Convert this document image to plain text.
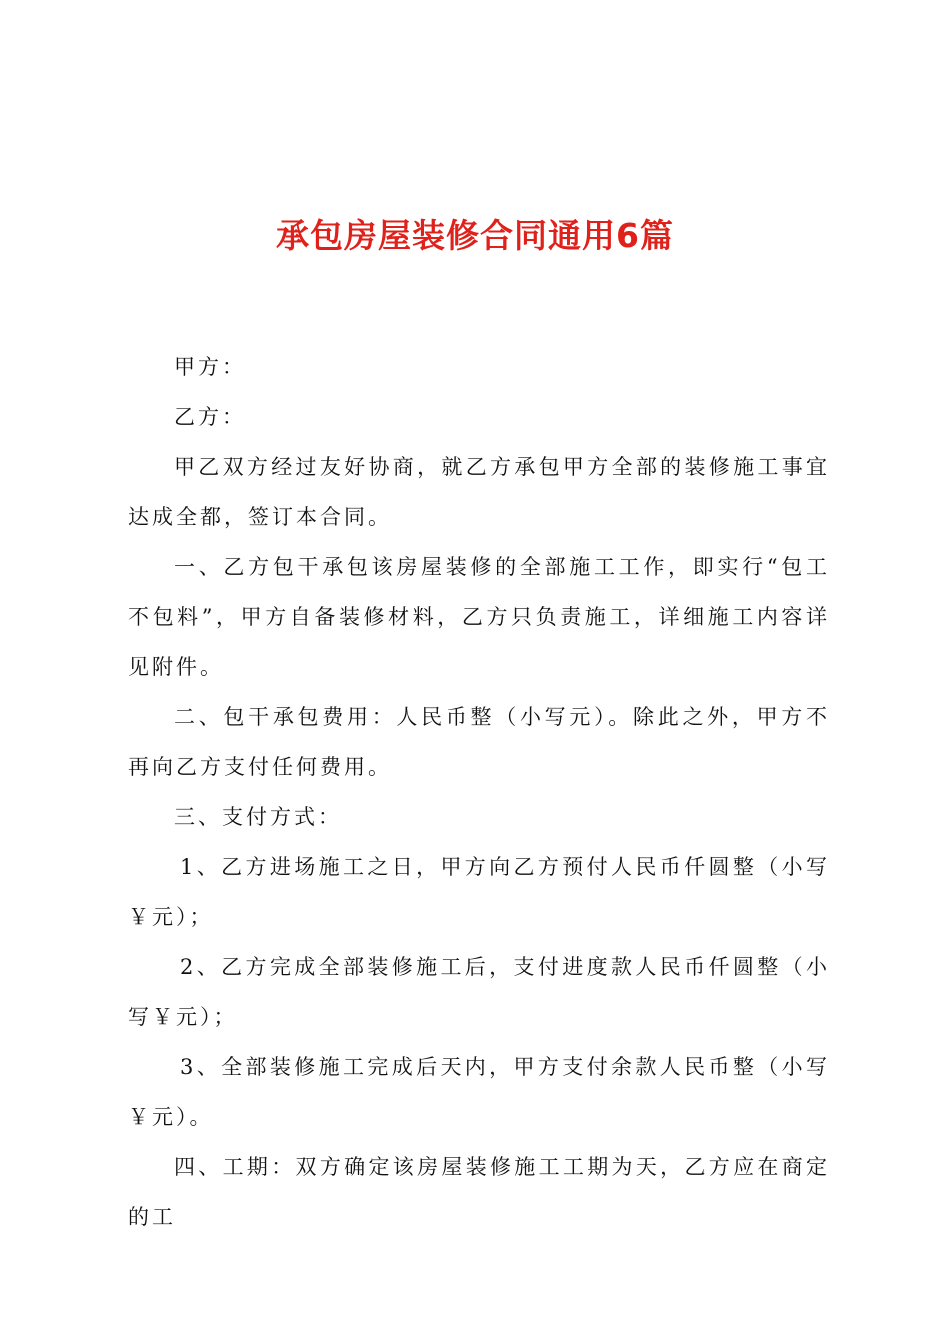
承包房屋装修合同通用6篇

甲方：

乙方：

甲乙双方经过友好协商，就乙方承包甲方全部的装修施工事宜达成全都，签订本合同。

一、乙方包干承包该房屋装修的全部施工工作，即实行“包工不包料”，甲方自备装修材料，乙方只负责施工，详细施工内容详见附件。

二、包干承包费用：人民币整（小写元）。除此之外，甲方不再向乙方支付任何费用。

三、支付方式：

1、乙方进场施工之日，甲方向乙方预付人民币仟圆整（小写￥元）；

2、乙方完成全部装修施工后，支付进度款人民币仟圆整（小写￥元）；

3、全部装修施工完成后天内，甲方支付余款人民币整（小写￥元）。

四、工期：双方确定该房屋装修施工工期为天，乙方应在商定的工
